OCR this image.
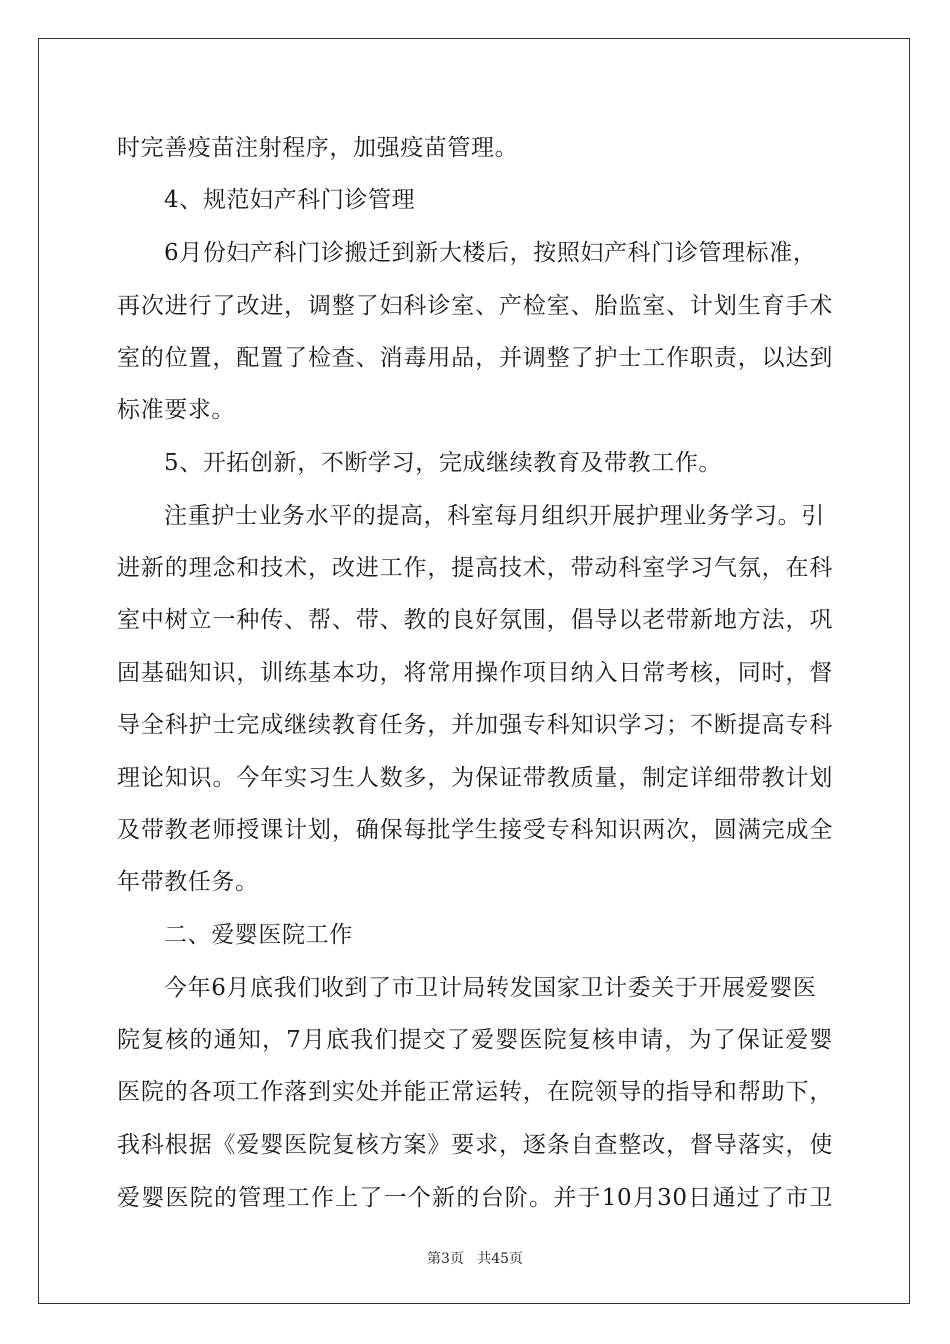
时完善疫苗注射程序，加强疫苗管理。
4、规范妇产科门诊管理
6月份妇产科门诊搬迁到新大楼后，按照妇产科门诊管理标准，
再次进行了改进，调整了妇科诊室、产检室、胎监室、计划生育手术
室的位置，配置了检查、消毒用品，并调整了护士工作职责，以达到
标准要求。
5、开拓创新，不断学习，完成继续教育及带教工作。
注重护士业务水平的提高，科室每月组织开展护理业务学习。引
进新的理念和技术，改进工作，提高技术，带动科室学习气氛，在科
室中树立一种传、帮、带、教的良好氛围，倡导以老带新地方法，巩
固基础知识，训练基本功，将常用操作项目纳入日常考核，同时，督
导全科护士完成继续教育任务，并加强专科知识学习；不断提高专科
理论知识。今年实习生人数多，为保证带教质量，制定详细带教计划
及带教老师授课计划，确保每批学生接受专科知识两次，圆满完成全
年带教任务。
二、爱婴医院工作
今年6月底我们收到了市卫计局转发国家卫计委关于开展爱婴医
院复核的通知，7月底我们提交了爱婴医院复核申请，为了保证爱婴
医院的各项工作落到实处并能正常运转，在院领导的指导和帮助下，
我科根据《爱婴医院复核方案》要求，逐条自查整改，督导落实，使
爱婴医院的管理工作上了一个新的台阶。并于10月30日通过了市卫
第3页   共45页
